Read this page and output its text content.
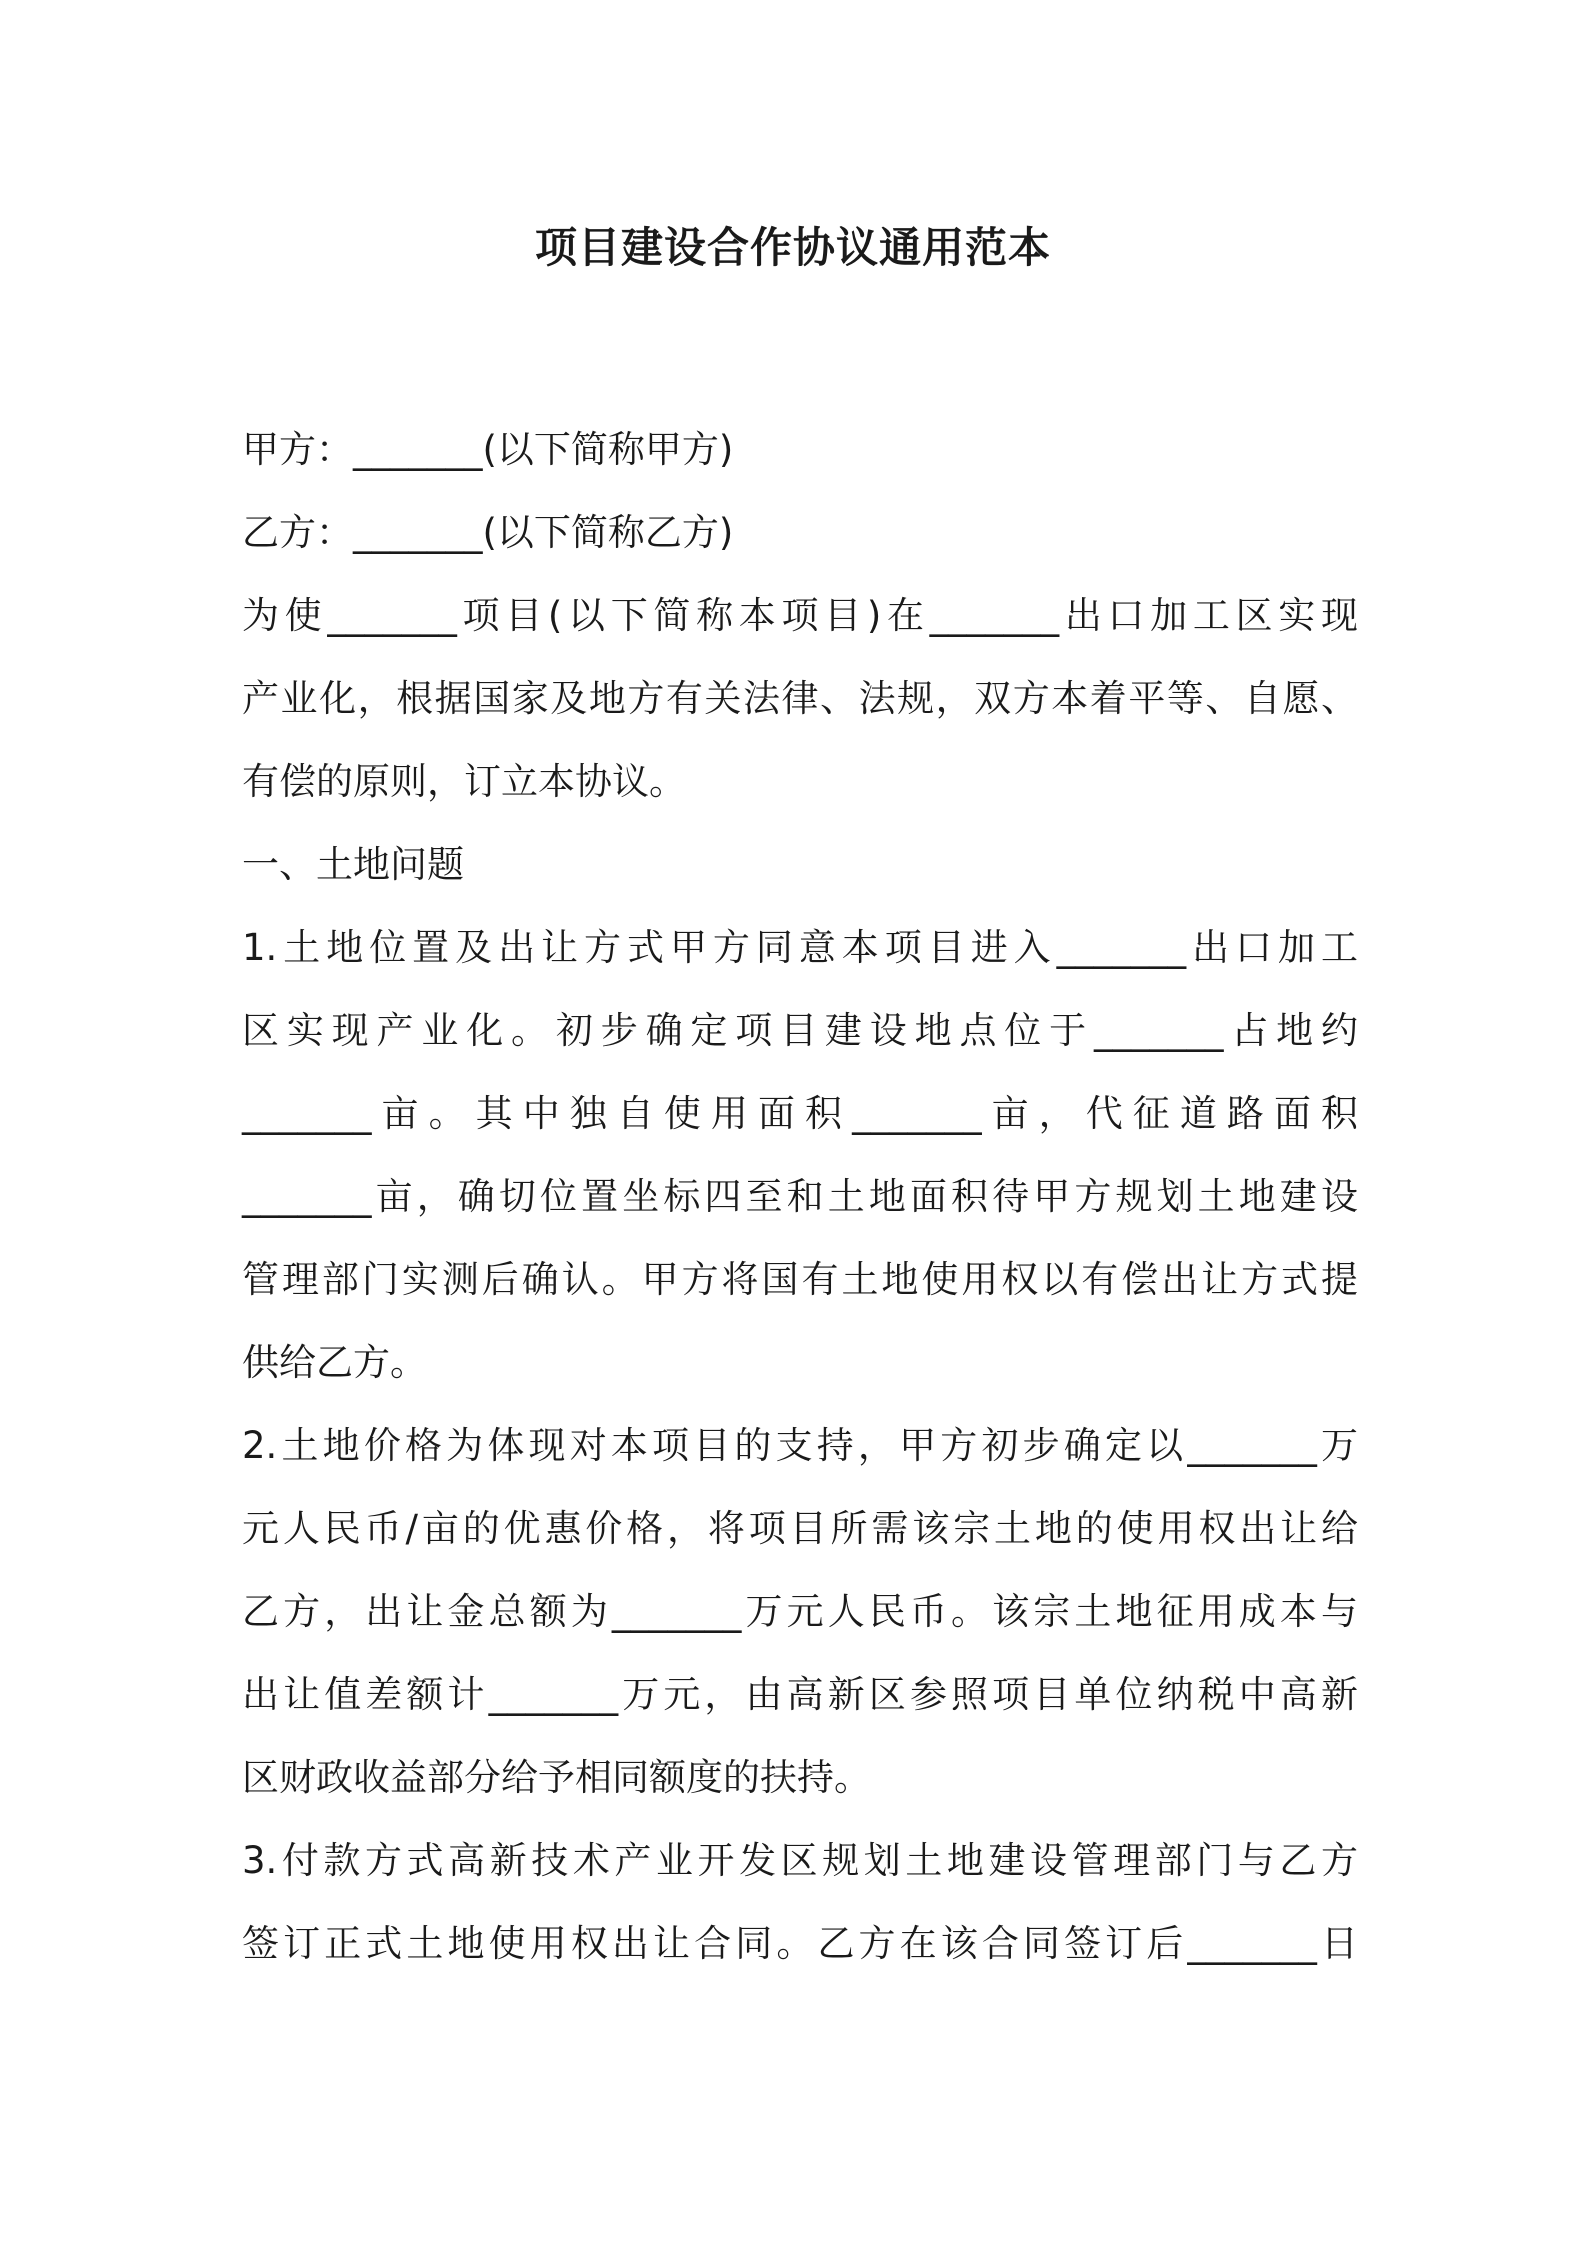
项目建设合作协议通用范本
甲方：_______(以下简称甲方)
乙方：_______(以下简称乙方)
为使_______项目(以下简称本项目)在_______出口加工区实现
产业化，根据国家及地方有关法律、法规，双方本着平等、自愿、
有偿的原则，订立本协议。
一、土地问题
1.土地位置及出让方式甲方同意本项目进入_______出口加工
区实现产业化。初步确定项目建设地点位于_______占地约
_______亩。其中独自使用面积_______亩，代征道路面积
_______亩，确切位置坐标四至和土地面积待甲方规划土地建设
管理部门实测后确认。甲方将国有土地使用权以有偿出让方式提
供给乙方。
2.土地价格为体现对本项目的支持，甲方初步确定以_______万
元人民币/亩的优惠价格，将项目所需该宗土地的使用权出让给
乙方，出让金总额为_______万元人民币。该宗土地征用成本与
出让值差额计_______万元，由高新区参照项目单位纳税中高新
区财政收益部分给予相同额度的扶持。
3.付款方式高新技术产业开发区规划土地建设管理部门与乙方
签订正式土地使用权出让合同。乙方在该合同签订后_______日
